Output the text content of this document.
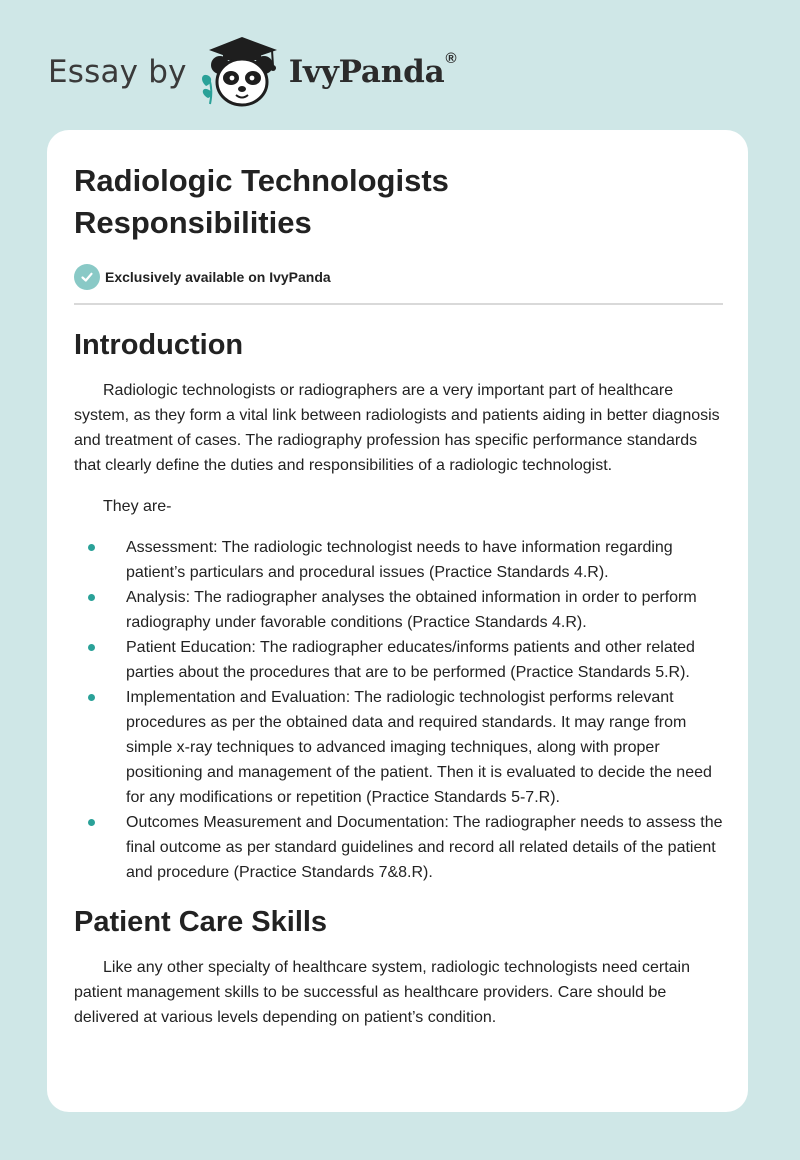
Essay by	IvyPanda®
Radiologic Technologists
Responsibilities
Exclusively available on IvyPanda
Introduction

Radiologic technologists or radiographers are a very important part of healthcare system, as they form a vital link between radiologists and patients aiding in better diagnosis and treatment of cases. The radiography profession has specific performance standards that clearly define the duties and responsibilities of a radiologic technologist.

They are-

Assessment: The radiologic technologist needs to have information regarding patient’s particulars and procedural issues (Practice Standards 4.R).
Analysis: The radiographer analyses the obtained information in order to perform radiography under favorable conditions (Practice Standards 4.R).
Patient Education: The radiographer educates/informs patients and other related parties about the procedures that are to be performed (Practice Standards 5.R).
Implementation and Evaluation: The radiologic technologist performs relevant procedures as per the obtained data and required standards. It may range from simple x-ray techniques to advanced imaging techniques, along with proper positioning and management of the patient. Then it is evaluated to decide the need for any modifications or repetition (Practice Standards 5-7.R).
Outcomes Measurement and Documentation: The radiographer needs to assess the final outcome as per standard guidelines and record all related details of the patient and procedure (Practice Standards 7&8.R).
Patient Care Skills

Like any other specialty of healthcare system, radiologic technologists need certain patient management skills to be successful as healthcare providers. Care should be delivered at various levels depending on patient’s condition.
